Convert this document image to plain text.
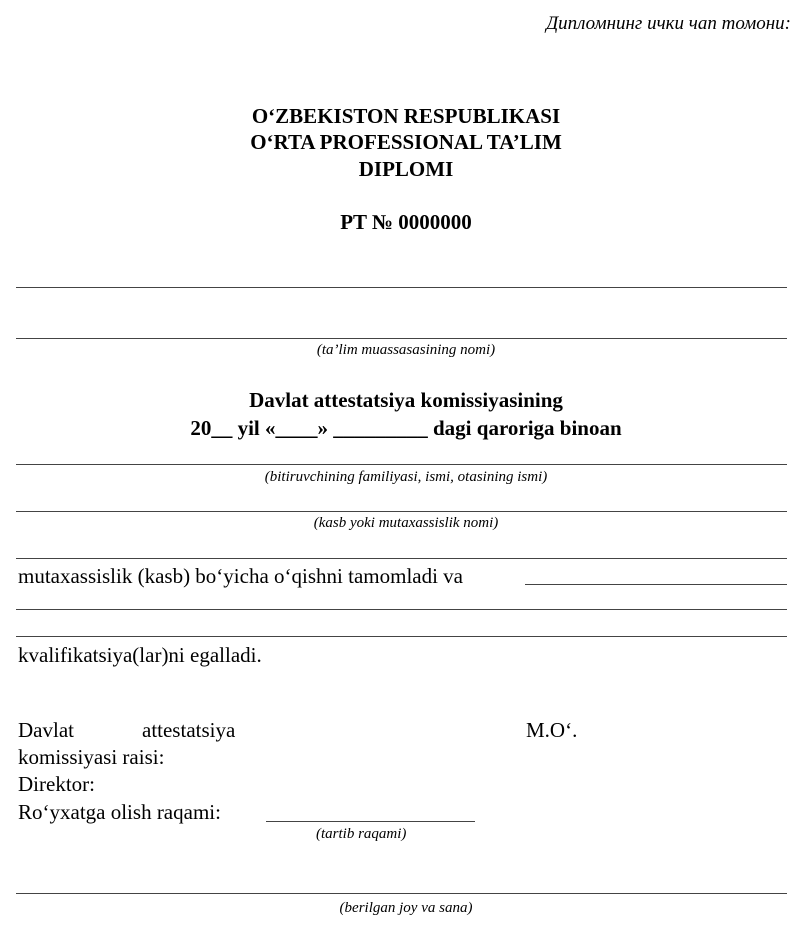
Дипломнинг ички чап томони:
O‘ZBEKISTON RESPUBLIKASI
O‘RTA PROFESSIONAL TA’LIM
DIPLOMI
PT № 0000000
(ta’lim muassasasining nomi)
Davlat attestatsiya komissiyasining
20__ yil «____» _________ dagi qaroriga binoan
(bitiruvchining familiyasi, ismi, otasining ismi)
(kasb yoki mutaxassislik nomi)
mutaxassislik (kasb) bo‘yicha o‘qishni tamomladi va
kvalifikatsiya(lar)ni egalladi.
Davlat	attestatsiya	M.O‘.
komissiyasi raisi:
Direktor:
Ro‘yxatga olish raqami:
(tartib raqami)
(berilgan joy va sana)
